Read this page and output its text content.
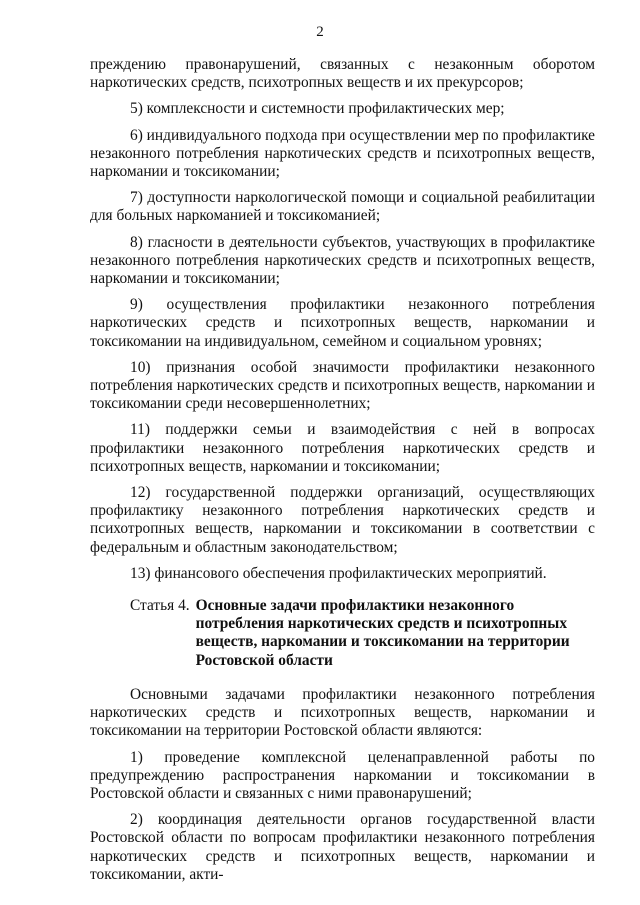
2

преждению правонарушений, связанных с незаконным оборотом наркотических средств, психотропных веществ и их прекурсоров;

5) комплексности и системности профилактических мер;

6) индивидуального подхода при осуществлении мер по профилактике незаконного потребления наркотических средств и психотропных веществ, наркомании и токсикомании;

7) доступности наркологической помощи и социальной реабилитации для больных наркоманией и токсикоманией;

8) гласности в деятельности субъектов, участвующих в профилактике незаконного потребления наркотических средств и психотропных веществ, наркомании и токсикомании;

9) осуществления профилактики незаконного потребления наркотических средств и психотропных веществ, наркомании и токсикомании на индивидуальном, семейном и социальном уровнях;

10) признания особой значимости профилактики незаконного потребления наркотических средств и психотропных веществ, наркомании и токсикомании среди несовершеннолетних;

11) поддержки семьи и взаимодействия с ней в вопросах профилактики незаконного потребления наркотических средств и психотропных веществ, наркомании и токсикомании;

12) государственной поддержки организаций, осуществляющих профилактику незаконного потребления наркотических средств и психотропных веществ, наркомании и токсикомании в соответствии с федеральным и областным законодательством;

13) финансового обеспечения профилактических мероприятий.

Статья 4. Основные задачи профилактики незаконного потребления наркотических средств и психотропных веществ, наркомании и токсикомании на территории Ростовской области

Основными задачами профилактики незаконного потребления наркотических средств и психотропных веществ, наркомании и токсикомании на территории Ростовской области являются:

1) проведение комплексной целенаправленной работы по предупреждению распространения наркомании и токсикомании в Ростовской области и связанных с ними правонарушений;

2) координация деятельности органов государственной власти Ростовской области по вопросам профилактики незаконного потребления наркотических средств и психотропных веществ, наркомании и токсикомании, акти-
